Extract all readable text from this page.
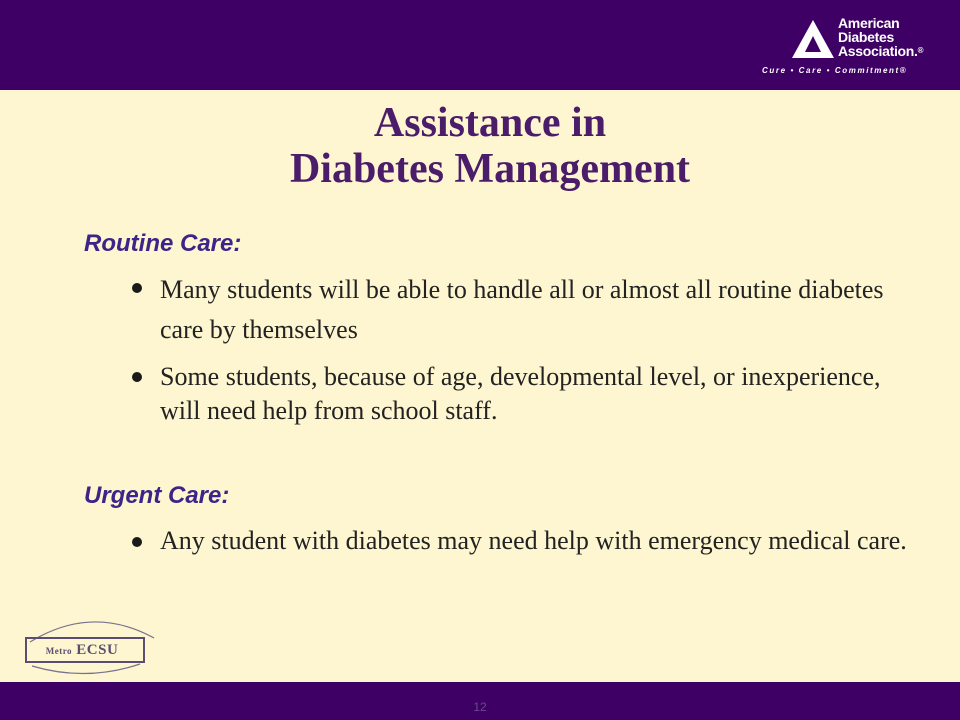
American
Diabetes
Association.®
Cure • Care • Commitment®
Assistance in
Diabetes Management
Routine Care:
Many students will be able to handle all or almost all routine diabetes care by themselves
Some students, because of age, developmental level, or inexperience, will need help from school staff.
Urgent Care:
Any student with diabetes may need help with emergency medical care.
Metro ECSU
12
